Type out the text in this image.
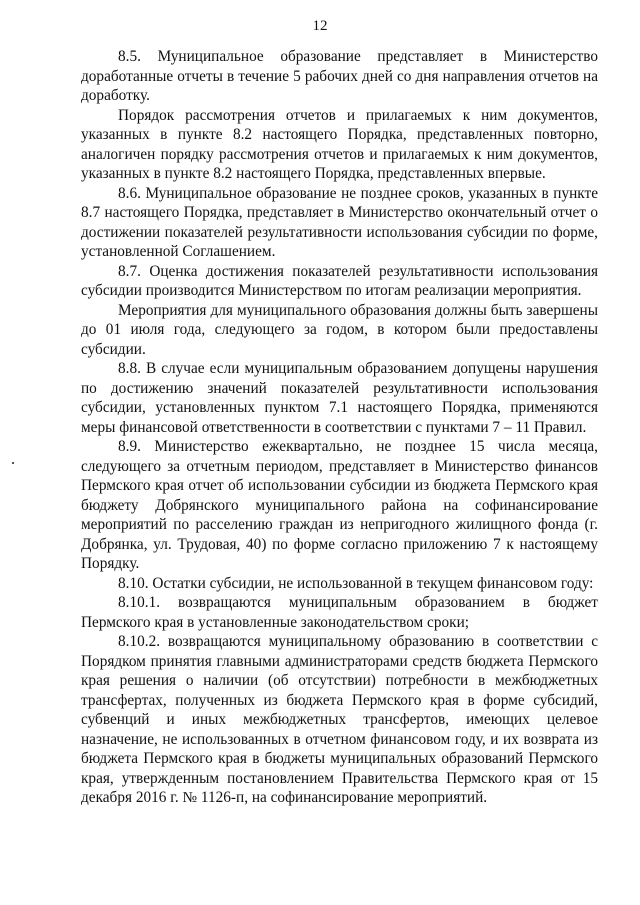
12

8.5. Муниципальное образование представляет в Министерство доработанные отчеты в течение 5 рабочих дней со дня направления отчетов на доработку.

Порядок рассмотрения отчетов и прилагаемых к ним документов, указанных в пункте 8.2 настоящего Порядка, представленных повторно, аналогичен порядку рассмотрения отчетов и прилагаемых к ним документов, указанных в пункте 8.2 настоящего Порядка, представленных впервые.

8.6. Муниципальное образование не позднее сроков, указанных в пункте 8.7 настоящего Порядка, представляет в Министерство окончательный отчет о достижении показателей результативности использования субсидии по форме, установленной Соглашением.

8.7. Оценка достижения показателей результативности использования субсидии производится Министерством по итогам реализации мероприятия.

Мероприятия для муниципального образования должны быть завершены до 01 июля года, следующего за годом, в котором были предоставлены субсидии.

8.8. В случае если муниципальным образованием допущены нарушения по достижению значений показателей результативности использования субсидии, установленных пунктом 7.1 настоящего Порядка, применяются меры финансовой ответственности в соответствии с пунктами 7 – 11 Правил.

8.9. Министерство ежеквартально, не позднее 15 числа месяца, следующего за отчетным периодом, представляет в Министерство финансов Пермского края отчет об использовании субсидии из бюджета Пермского края бюджету Добрянского муниципального района на софинансирование мероприятий по расселению граждан из непригодного жилищного фонда (г. Добрянка, ул. Трудовая, 40) по форме согласно приложению 7 к настоящему Порядку.

8.10. Остатки субсидии, не использованной в текущем финансовом году:

8.10.1. возвращаются муниципальным образованием в бюджет Пермского края в установленные законодательством сроки;

8.10.2. возвращаются муниципальному образованию в соответствии с Порядком принятия главными администраторами средств бюджета Пермского края решения о наличии (об отсутствии) потребности в межбюджетных трансфертах, полученных из бюджета Пермского края в форме субсидий, субвенций и иных межбюджетных трансфертов, имеющих целевое назначение, не использованных в отчетном финансовом году, и их возврата из бюджета Пермского края в бюджеты муниципальных образований Пермского края, утвержденным постановлением Правительства Пермского края от 15 декабря 2016 г. № 1126-п, на софинансирование мероприятий.
